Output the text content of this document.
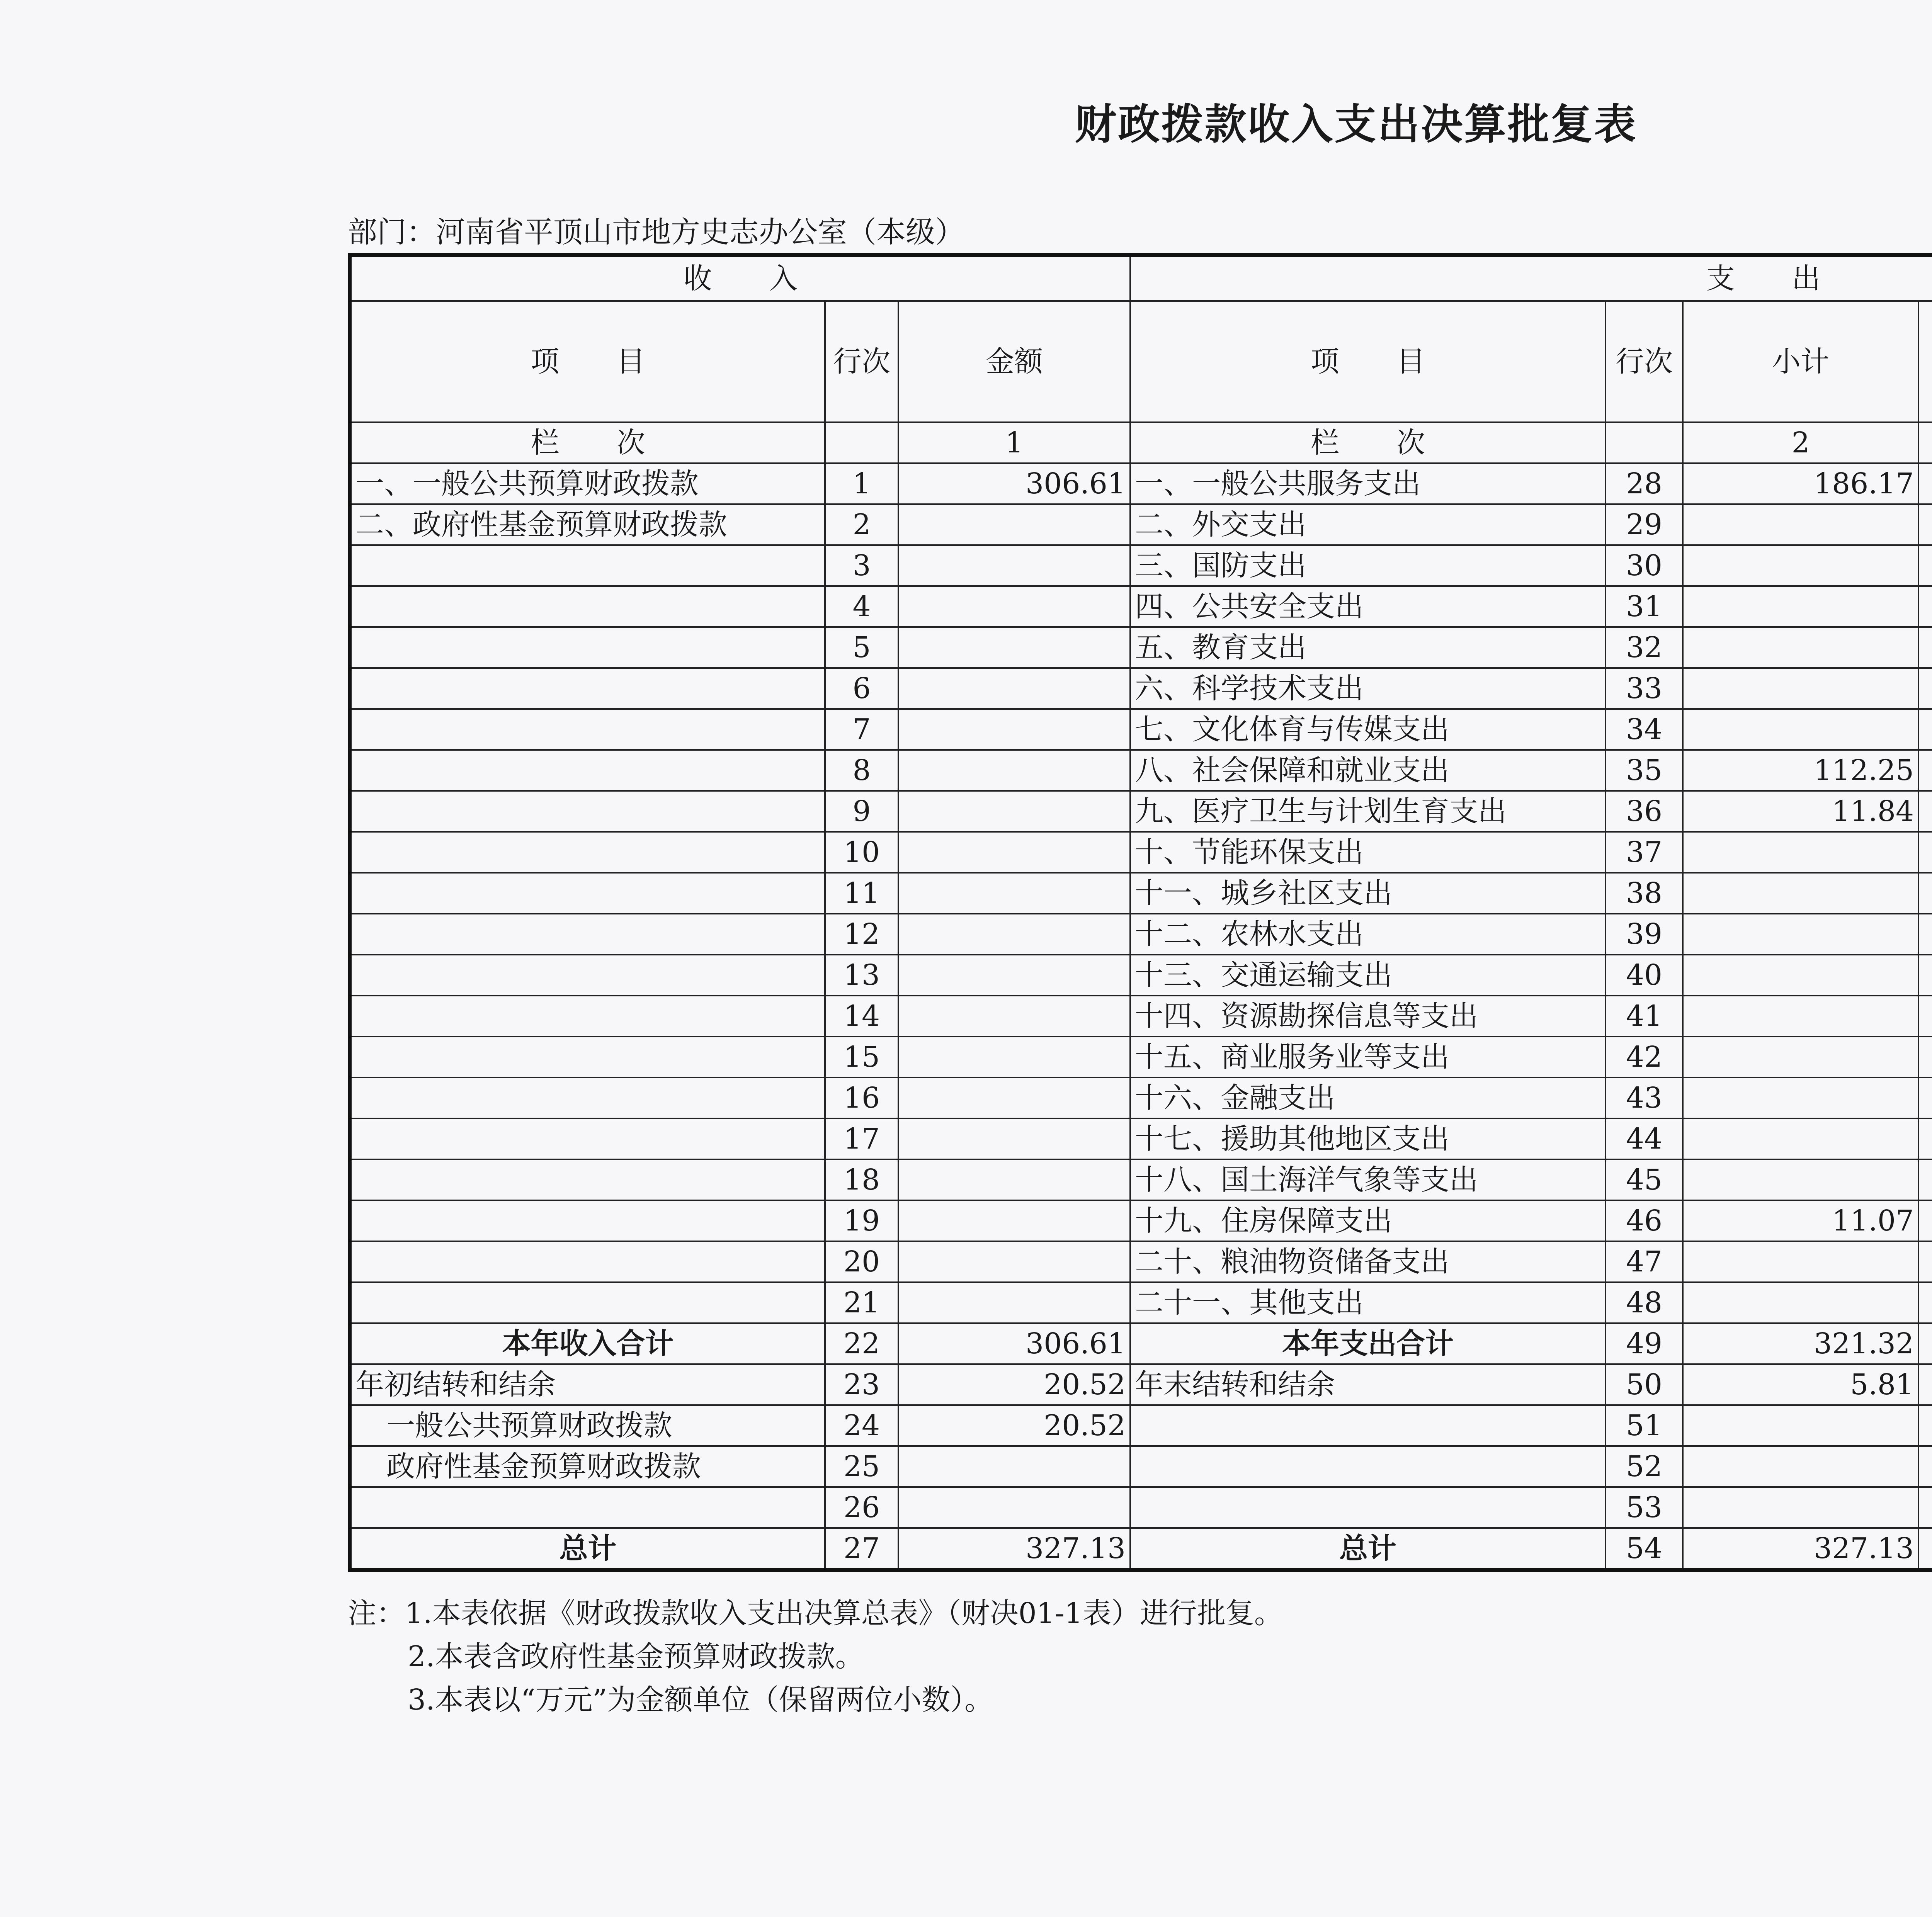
财政拨款收入支出决算批复表
部门：河南省平顶山市地方史志办公室（本级）
收　　入			支　　出				
项　　目	行次	金额	项　　目	行次	小计	

栏　　次		1	栏　　次		2		
一、一般公共预算财政拨款	1	306.61	一、一般公共服务支出	28	186.17		
二、政府性基金预算财政拨款	2		二、外交支出	29			
	3		三、国防支出	30			
	4		四、公共安全支出	31			
	5		五、教育支出	32			
	6		六、科学技术支出	33			
	7		七、文化体育与传媒支出	34			
	8		八、社会保障和就业支出	35	112.25		
	9		九、医疗卫生与计划生育支出	36	11.84		
	10		十、节能环保支出	37			
	11		十一、城乡社区支出	38			
	12		十二、农林水支出	39			
	13		十三、交通运输支出	40			
	14		十四、资源勘探信息等支出	41			
	15		十五、商业服务业等支出	42			
	16		十六、金融支出	43			
	17		十七、援助其他地区支出	44			
	18		十八、国土海洋气象等支出	45			
	19		十九、住房保障支出	46	11.07		
	20		二十、粮油物资储备支出	47			
	21		二十一、其他支出	48			
本年收入合计	22	306.61	本年支出合计	49	321.32		
年初结转和结余	23	20.52	年末结转和结余	50	5.81		
一般公共预算财政拨款	24	20.52		51			
政府性基金预算财政拨款	25			52			
	26			53			
总计	27	327.13	总计	54	327.13		
注：1.本表依据《财政拨款收入支出决算总表》（财决01-1表）进行批复。
2.本表含政府性基金预算财政拨款。
3.本表以“万元”为金额单位（保留两位小数）。
